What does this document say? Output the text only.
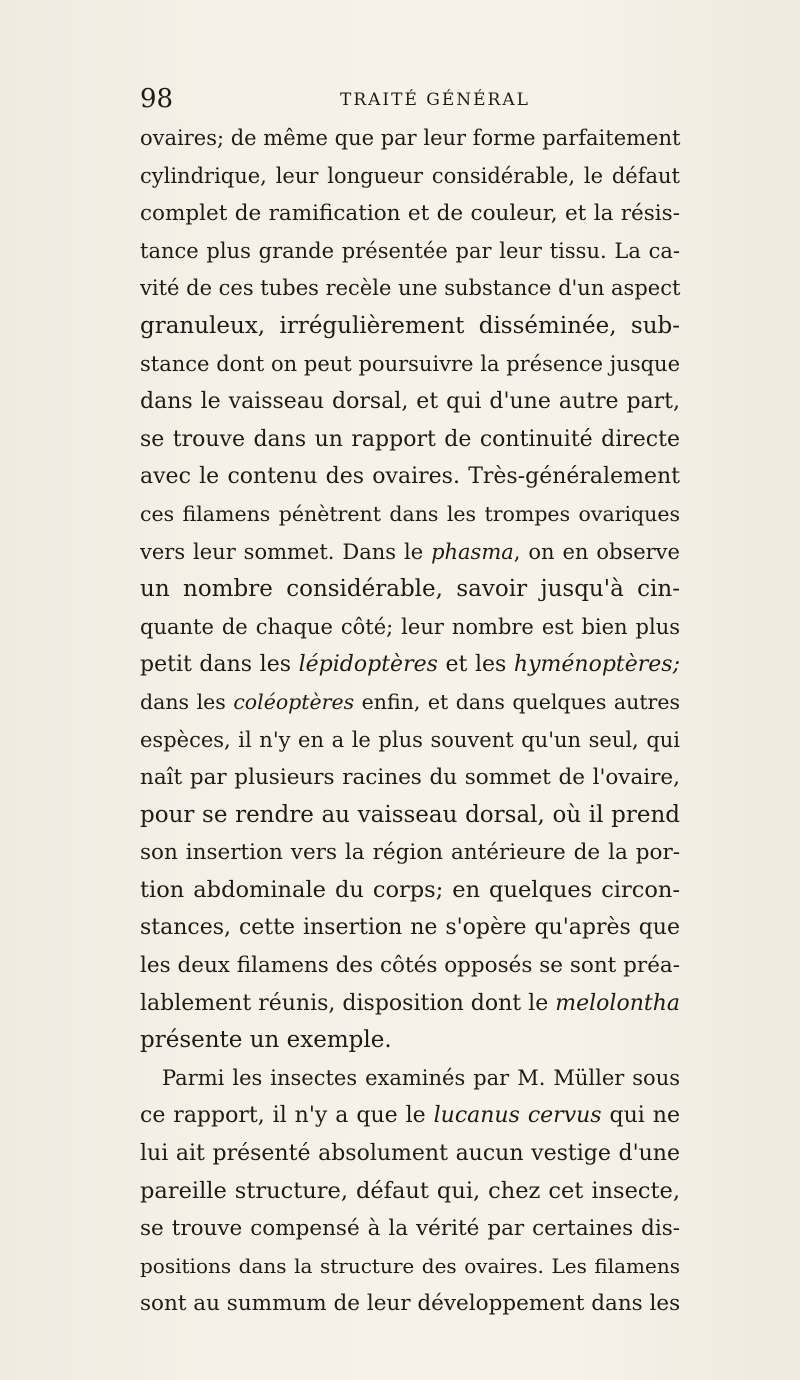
98	TRAITÉ GÉNÉRAL
ovaires; de même que par leur forme parfaitement
cylindrique, leur longueur considérable, le défaut
complet de ramification et de couleur, et la résis-
tance plus grande présentée par leur tissu. La ca-
vité de ces tubes recèle une substance d'un aspect
granuleux, irrégulièrement disséminée, sub-
stance dont on peut poursuivre la présence jusque
dans le vaisseau dorsal, et qui d'une autre part,
se trouve dans un rapport de continuité directe
avec le contenu des ovaires. Très-généralement
ces filamens pénètrent dans les trompes ovariques
vers leur sommet. Dans le phasma, on en observe
un nombre considérable, savoir jusqu'à cin-
quante de chaque côté; leur nombre est bien plus
petit dans les lépidoptères et les hyménoptères;
dans les coléoptères enfin, et dans quelques autres
espèces, il n'y en a le plus souvent qu'un seul, qui
naît par plusieurs racines du sommet de l'ovaire,
pour se rendre au vaisseau dorsal, où il prend
son insertion vers la région antérieure de la por-
tion abdominale du corps; en quelques circon-
stances, cette insertion ne s'opère qu'après que
les deux filamens des côtés opposés se sont préa-
lablement réunis, disposition dont le melolontha
présente un exemple.
Parmi les insectes examinés par M. Müller sous
ce rapport, il n'y a que le lucanus cervus qui ne
lui ait présenté absolument aucun vestige d'une
pareille structure, défaut qui, chez cet insecte,
se trouve compensé à la vérité par certaines dis-
positions dans la structure des ovaires. Les filamens
sont au summum de leur développement dans les
